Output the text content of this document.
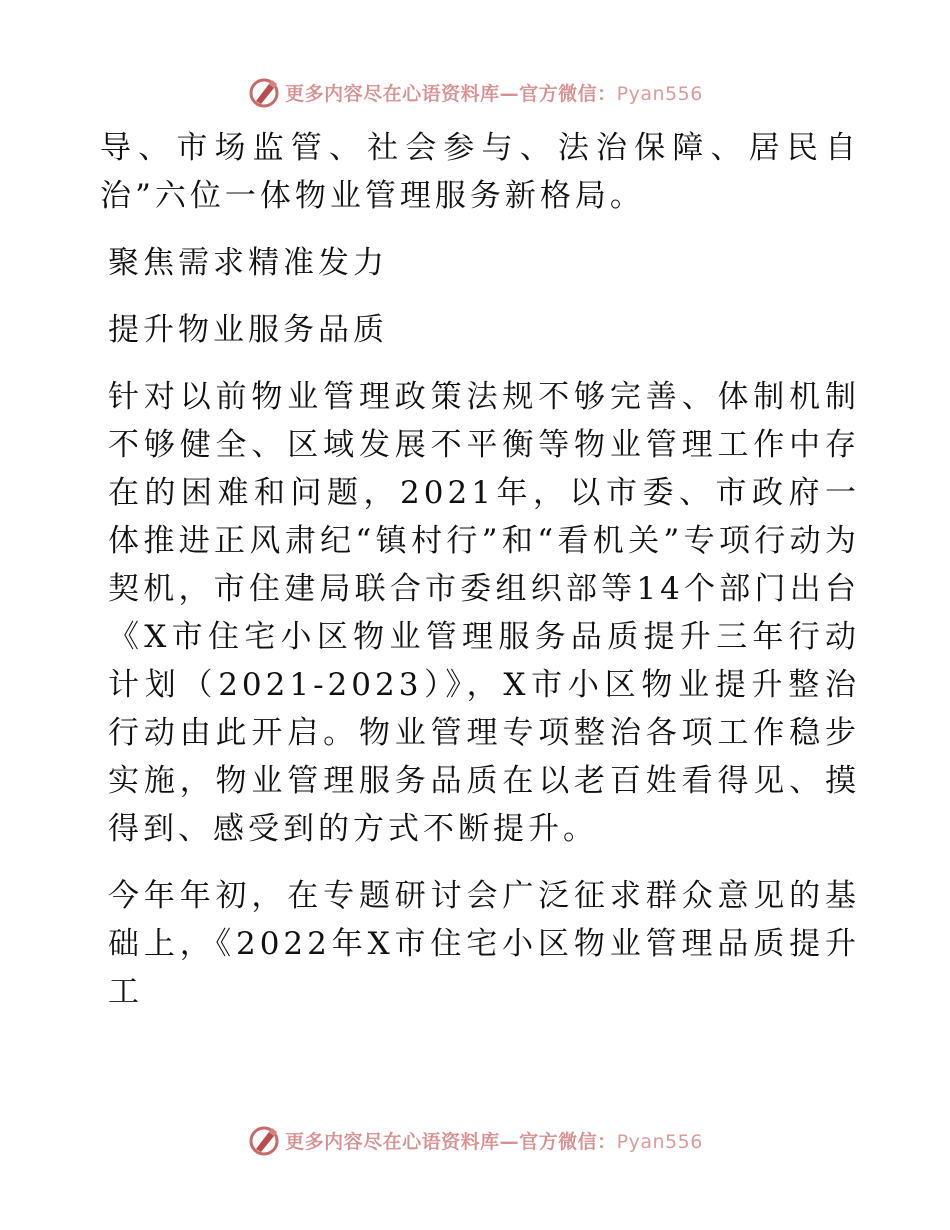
更多内容尽在心语资料库—官方微信：Pyan556

导、市场监管、社会参与、法治保障、居民自治”六位一体物业管理服务新格局。

聚焦需求精准发力

提升物业服务品质

针对以前物业管理政策法规不够完善、体制机制不够健全、区域发展不平衡等物业管理工作中存在的困难和问题，2021年，以市委、市政府一体推进正风肃纪“镇村行”和“看机关”专项行动为契机，市住建局联合市委组织部等14个部门出台《X市住宅小区物业管理服务品质提升三年行动计划（2021-2023）》，X市小区物业提升整治行动由此开启。物业管理专项整治各项工作稳步实施，物业管理服务品质在以老百姓看得见、摸得到、感受到的方式不断提升。

今年年初，在专题研讨会广泛征求群众意见的基础上，《2022年X市住宅小区物业管理品质提升工

更多内容尽在心语资料库—官方微信：Pyan556
